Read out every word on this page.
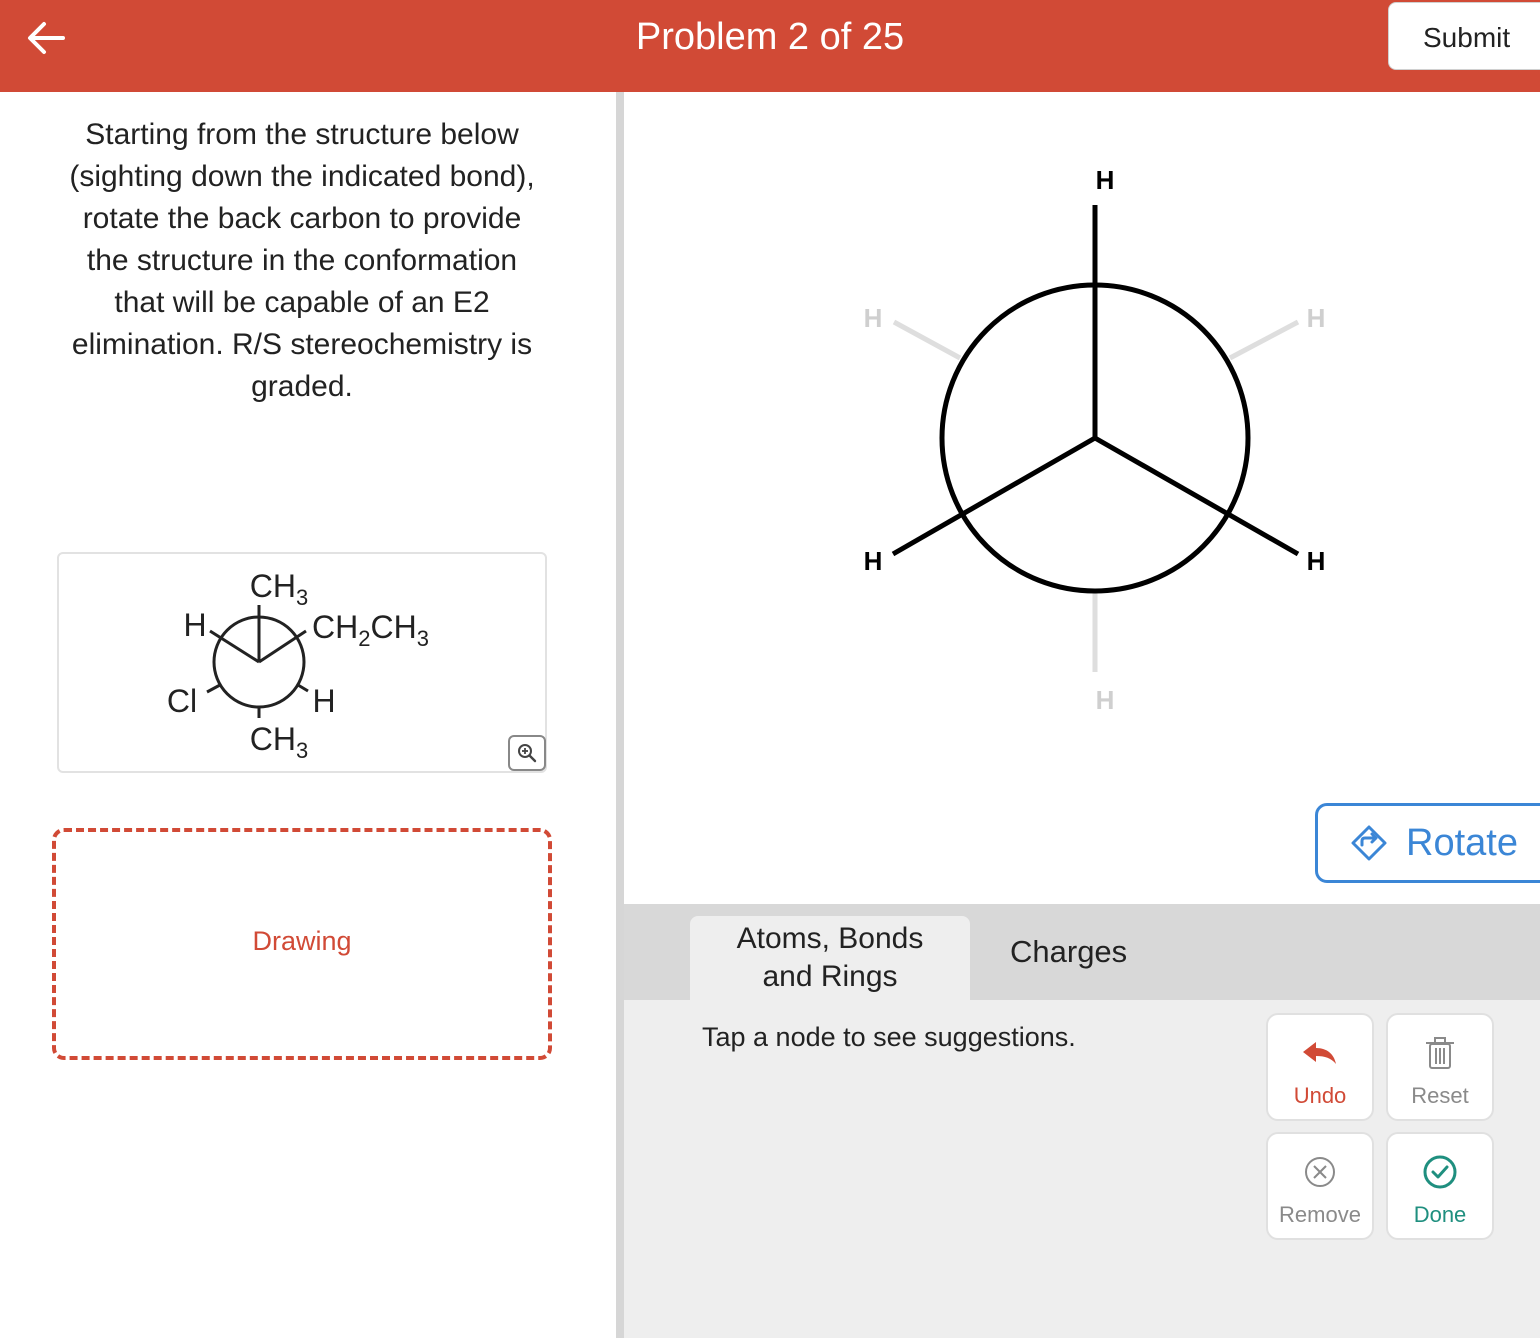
Problem 2 of 25	Submit
Starting from the structure below
(sighting down the indicated bond),
rotate the back carbon to provide
the structure in the conformation
that will be capable of an E2
elimination. R/S stereochemistry is
graded.
$CH_3$
H	$CH_2CH_3$
Cl	H
$CH_3$
Drawing
H
H	H
H	H
H
Rotate
Atoms, Bonds
and Rings
Charges
Tap a node to see suggestions.
Undo	Reset
Remove	Done
